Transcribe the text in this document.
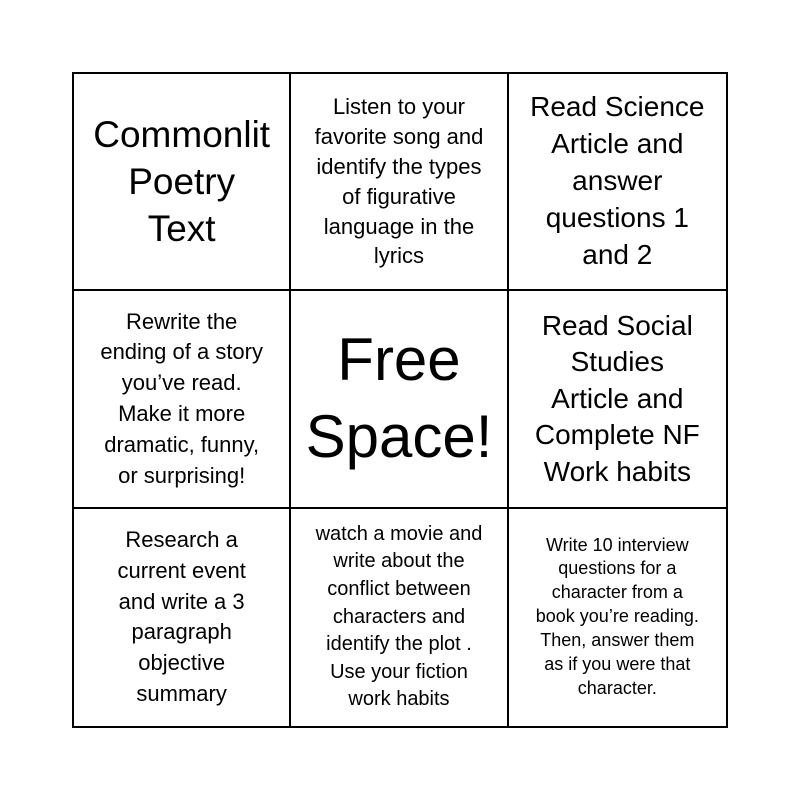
Commonlit
Poetry
Text
Listen to your
favorite song and
identify the types
of figurative
language in the
lyrics
Read Science
Article and
answer
questions 1
and 2
Rewrite the
ending of a story
you’ve read.
Make it more
dramatic, funny,
or surprising!
Free
Space!
Read Social
Studies
Article and
Complete NF
Work habits
Research a
current event
and write a 3
paragraph
objective
summary
watch a movie and
write about the
conflict between
characters and
identify the plot .
Use your fiction
work habits
Write 10 interview
questions for a
character from a
book you’re reading.
Then, answer them
as if you were that
character.
